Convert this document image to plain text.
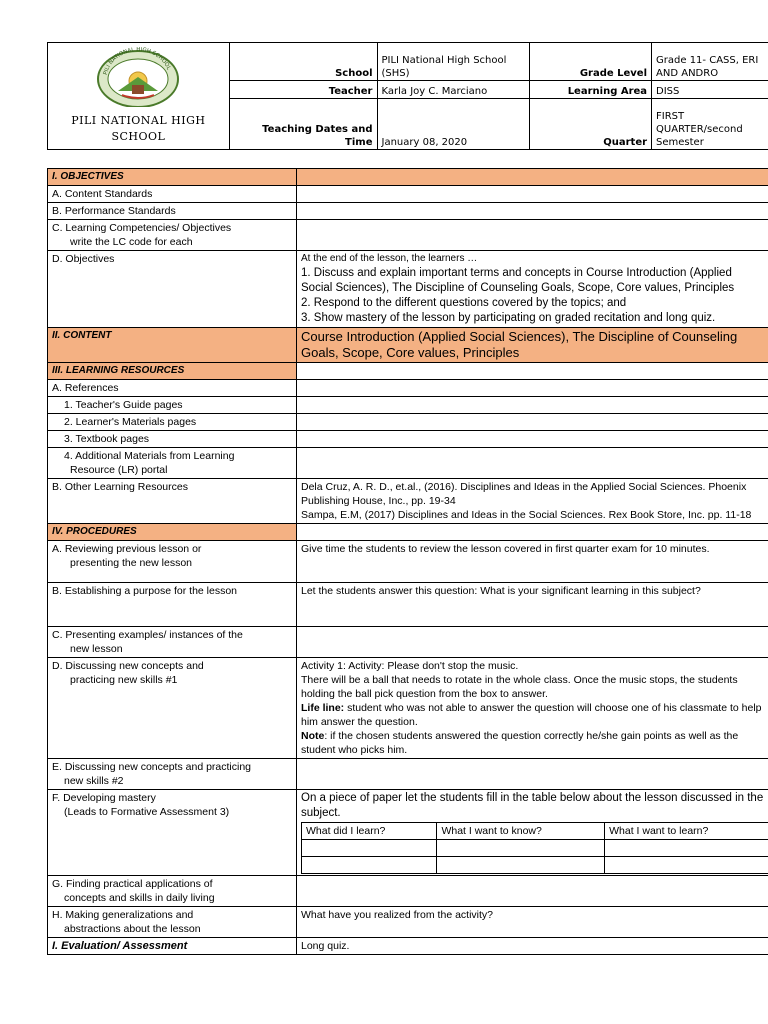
PILI NATIONAL HIGH SCHOOL
PILI NATIONAL HIGH SCHOOL	School	PILI National High School (SHS)	Grade Level	Grade 11- CASS, ERI AND ANDRO
	Teacher	Karla Joy C. Marciano	Learning Area	DISS
	Teaching Dates and Time	January 08, 2020	Quarter	FIRST QUARTER/second Semester
I. OBJECTIVES	
A. Content Standards	
B. Performance Standards	
C. Learning Competencies/ Objectives
write the LC code for each

D. Objectives	At the end of the lesson, the learners …
1. Discuss and explain important terms and concepts in Course Introduction (Applied Social Sciences), The Discipline of Counseling Goals, Scope, Core values, Principles
2. Respond to the different questions covered by the topics; and
3. Show mastery of the lesson by participating on graded recitation and long quiz.

II. CONTENT	Course Introduction (Applied Social Sciences), The Discipline of Counseling Goals, Scope, Core values, Principles

III. LEARNING RESOURCES	
A. References	

1. Teacher's Guide pages

2. Learner's Materials pages

3. Textbook pages

4. Additional Materials from Learning
Resource (LR) portal

B. Other Learning Resources	Dela Cruz, A. R. D., et.al., (2016). Disciplines and Ideas in the Applied Social Sciences. Phoenix Publishing House, Inc., pp. 19-34
Sampa, E.M, (2017) Disciplines and Ideas in the Social Sciences. Rex Book Store, Inc. pp. 11-18

IV. PROCEDURES	
A. Reviewing previous lesson or
presenting the new lesson
	Give time the students to review the lesson covered in first quarter exam for 10 minutes.
B. Establishing a purpose for the lesson	Let the students answer this question: What is your significant learning in this subject?
C. Presenting examples/ instances of the
new lesson

D. Discussing new concepts and
practicing new skills #1

Activity 1: Activity: Please don't stop the music.
There will be a ball that needs to rotate in the whole class. Once the music stops, the students holding the ball pick question from the box to answer.
Life line: student who was not able to answer the question will choose one of his classmate to help him answer the question.
Note: if the chosen students answered the question correctly he/she gain points as well as the student who picks him.

E. Discussing new concepts and practicing
new skills #2

F. Developing mastery
(Leads to Formative Assessment 3)

On a piece of paper let the students fill in the table below about the lesson discussed in the subject.
What did I learn?	What I want to know?	What I want to learn?

G. Finding practical applications of
concepts and skills in daily living

H. Making generalizations and
abstractions about the lesson
	What have you realized from the activity?
I. Evaluation/ Assessment	Long quiz.
